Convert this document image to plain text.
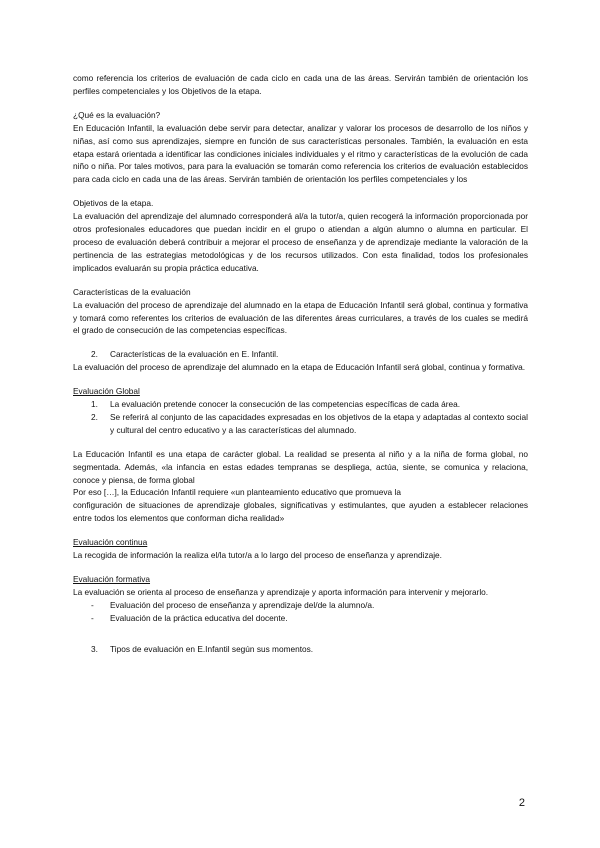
como referencia los criterios de evaluación de cada ciclo en cada una de las áreas. Servirán también de orientación los perfiles competenciales y los Objetivos de la etapa.

¿Qué es la evaluación?

En Educación Infantil, la evaluación debe servir para detectar, analizar y valorar los procesos de desarrollo de los niños y niñas, así como sus aprendizajes, siempre en función de sus características personales. También, la evaluación en esta etapa estará orientada a identificar las condiciones iniciales individuales y el ritmo y características de la evolución de cada niño o niña. Por tales motivos, para para la evaluación se tomarán como referencia los criterios de evaluación establecidos para cada ciclo en cada una de las áreas. Servirán también de orientación los perfiles competenciales y los

Objetivos de la etapa.

La evaluación del aprendizaje del alumnado corresponderá al/a la tutor/a, quien recogerá la información proporcionada por otros profesionales educadores que puedan incidir en el grupo o atiendan a algún alumno o alumna en particular. El proceso de evaluación deberá contribuir a mejorar el proceso de enseñanza y de aprendizaje mediante la valoración de la pertinencia de las estrategias metodológicas y de los recursos utilizados. Con esta finalidad, todos los profesionales implicados evaluarán su propia práctica educativa.

Características de la evaluación

La evaluación del proceso de aprendizaje del alumnado en la etapa de Educación Infantil será global, continua y formativa y tomará como referentes los criterios de evaluación de las diferentes áreas curriculares, a través de los cuales se medirá el grado de consecución de las competencias específicas.

2. Características de la evaluación en E. Infantil.

La evaluación del proceso de aprendizaje del alumnado en la etapa de Educación Infantil será global, continua y formativa.

Evaluación Global

1. La evaluación pretende conocer la consecución de las competencias específicas de cada área.
2. Se referirá al conjunto de las capacidades expresadas en los objetivos de la etapa y adaptadas al contexto social y cultural del centro educativo y a las características del alumnado.

La Educación Infantil es una etapa de carácter global. La realidad se presenta al niño y a la niña de forma global, no segmentada. Además, «la infancia en estas edades tempranas se despliega, actúa, siente, se comunica y relaciona, conoce y piensa, de forma global

Por eso […], la Educación Infantil requiere «un planteamiento educativo que promueva la

configuración de situaciones de aprendizaje globales, significativas y estimulantes, que ayuden a establecer relaciones entre todos los elementos que conforman dicha realidad»

Evaluación continua

La recogida de información la realiza el/la tutor/a a lo largo del proceso de enseñanza y aprendizaje.

Evaluación formativa

La evaluación se orienta al proceso de enseñanza y aprendizaje y aporta información para intervenir y mejorarlo.

- Evaluación del proceso de enseñanza y aprendizaje del/de la alumno/a.
- Evaluación de la práctica educativa del docente.
3. Tipos de evaluación en E.Infantil según sus momentos.
2
